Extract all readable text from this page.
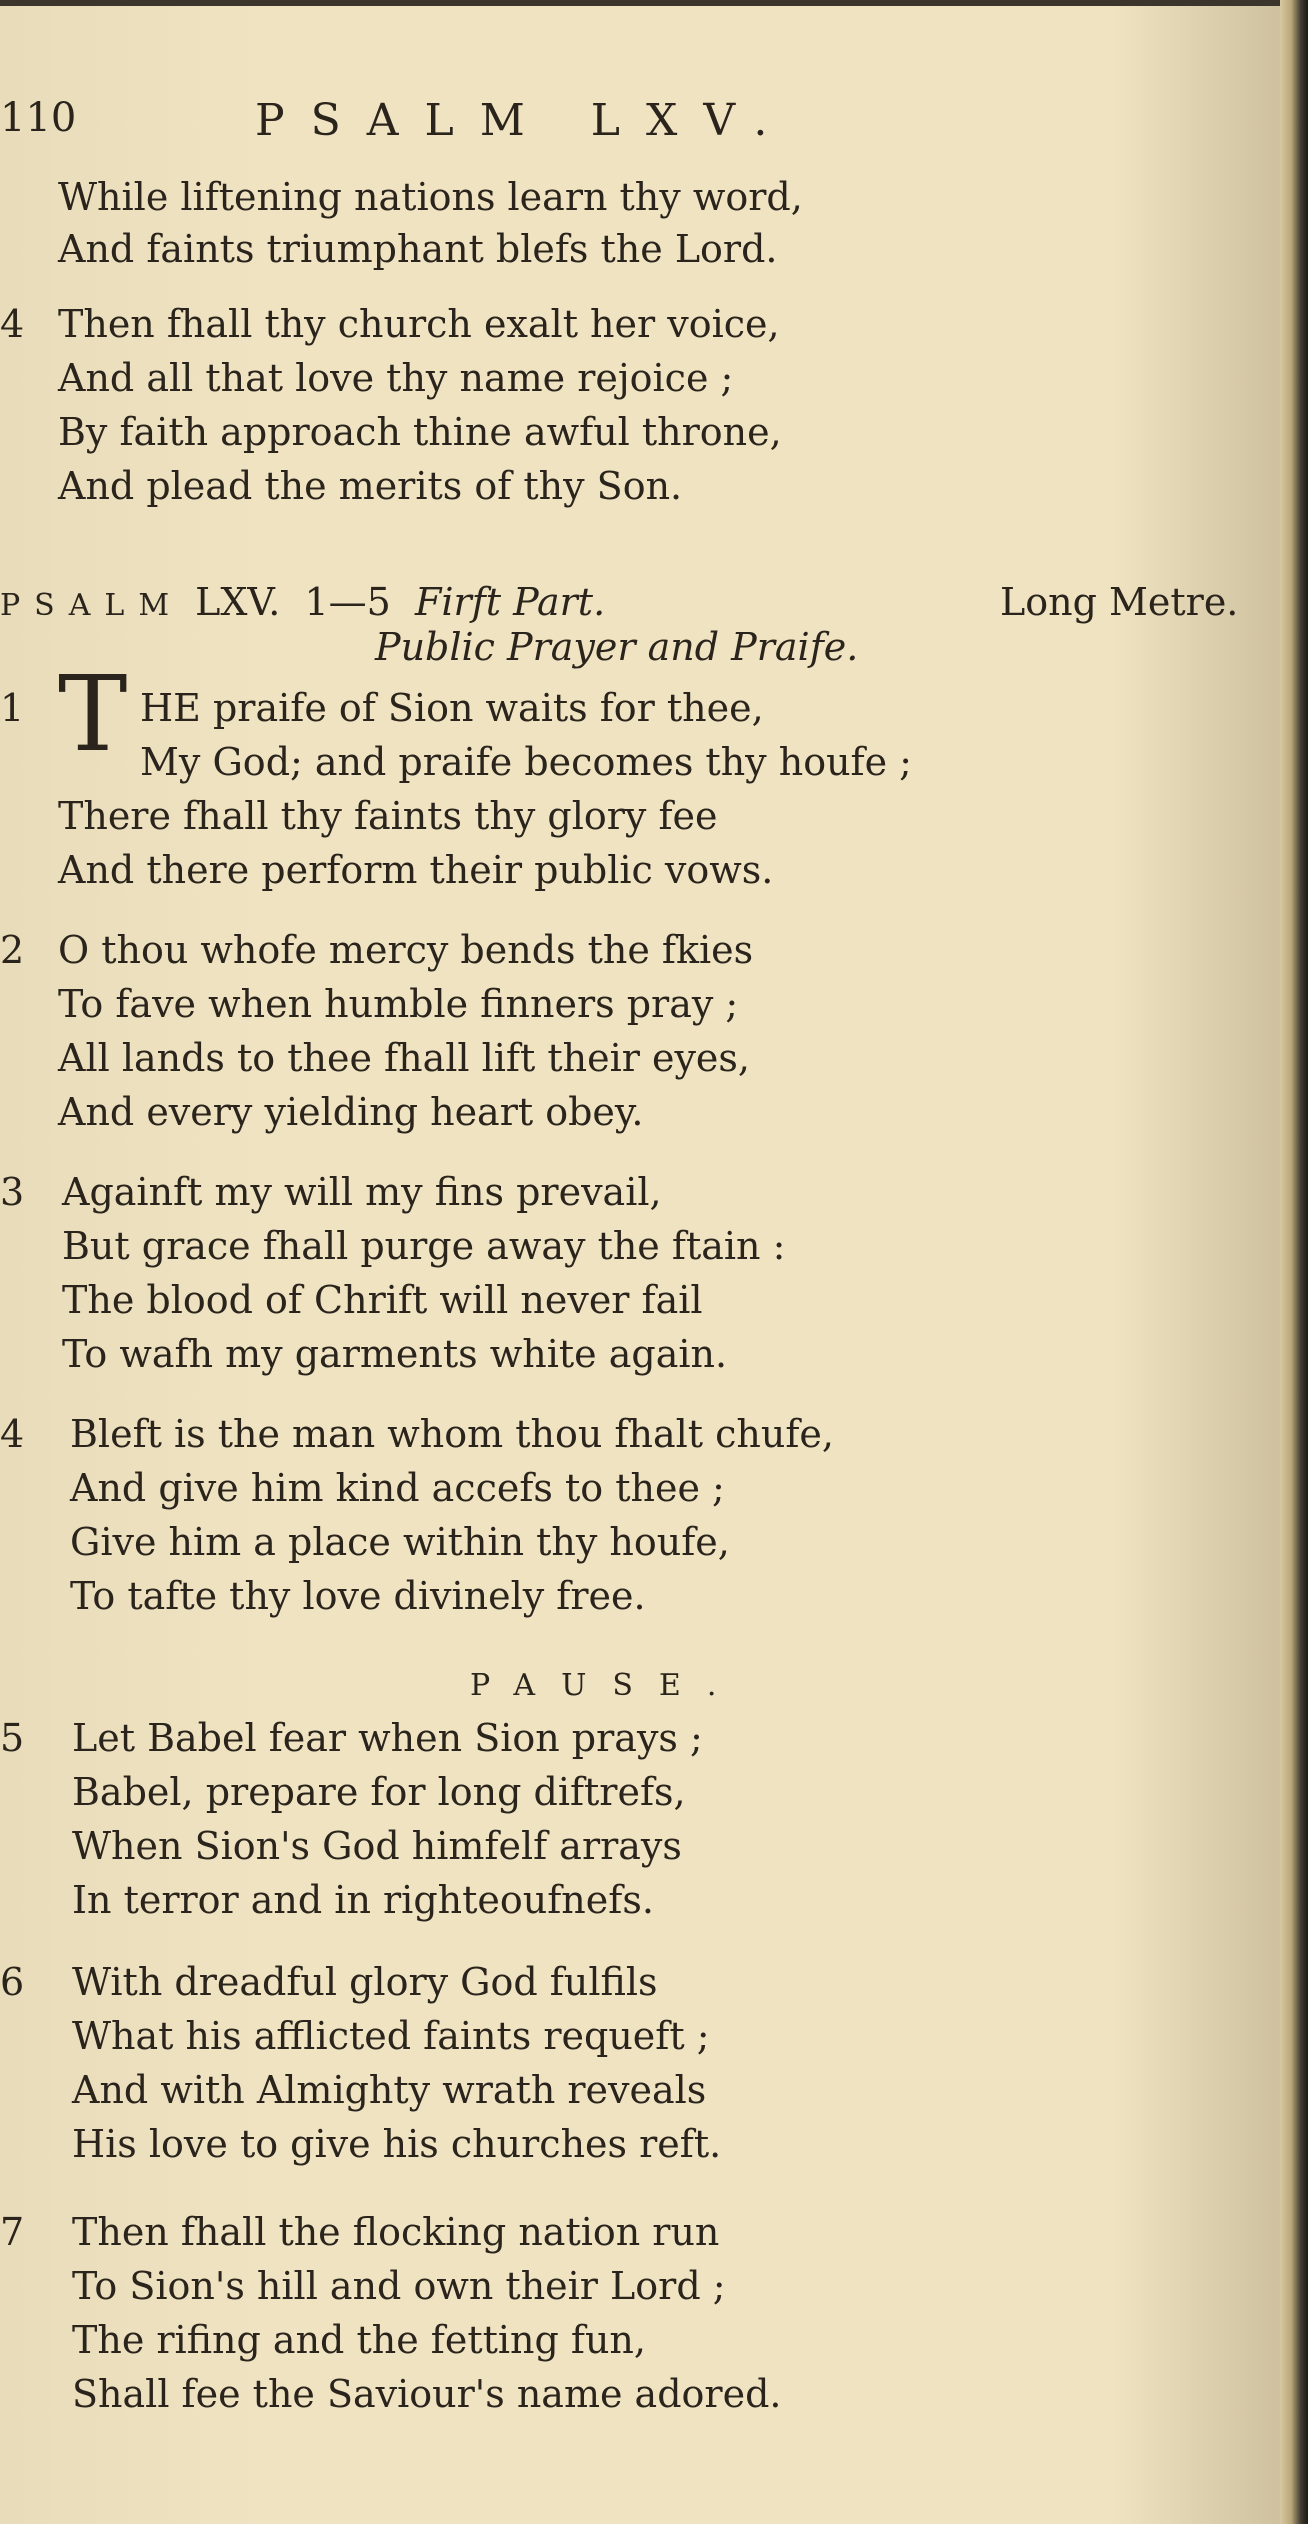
110	PSALM LXV.
While liftening nations learn thy word,
And faints triumphant blefs the Lord.
4 Then fhall thy church exalt her voice,
And all that love thy name rejoice ;
By faith approach thine awful throne,
And plead the merits of thy Son.
PSALM LXV. 1—5 Firft Part.	Long Metre.
Public Prayer and Praife.
1 T HE praife of Sion waits for thee,
My God; and praife becomes thy houfe ;
There fhall thy faints thy glory fee
And there perform their public vows.
2 O thou whofe mercy bends the fkies
To fave when humble finners pray ;
All lands to thee fhall lift their eyes,
And every yielding heart obey.
3 Againft my will my fins prevail,
But grace fhall purge away the ftain :
The blood of Chrift will never fail
To wafh my garments white again.
4 Bleft is the man whom thou fhalt chufe,
And give him kind accefs to thee ;
Give him a place within thy houfe,
To tafte thy love divinely free.
PAUSE.
5 Let Babel fear when Sion prays ;
Babel, prepare for long diftrefs,
When Sion's God himfelf arrays
In terror and in righteoufnefs.
6 With dreadful glory God fulfils
What his afflicted faints requeft ;
And with Almighty wrath reveals
His love to give his churches reft.
7 Then fhall the flocking nation run
To Sion's hill and own their Lord ;
The rifing and the fetting fun,
Shall fee the Saviour's name adored.
